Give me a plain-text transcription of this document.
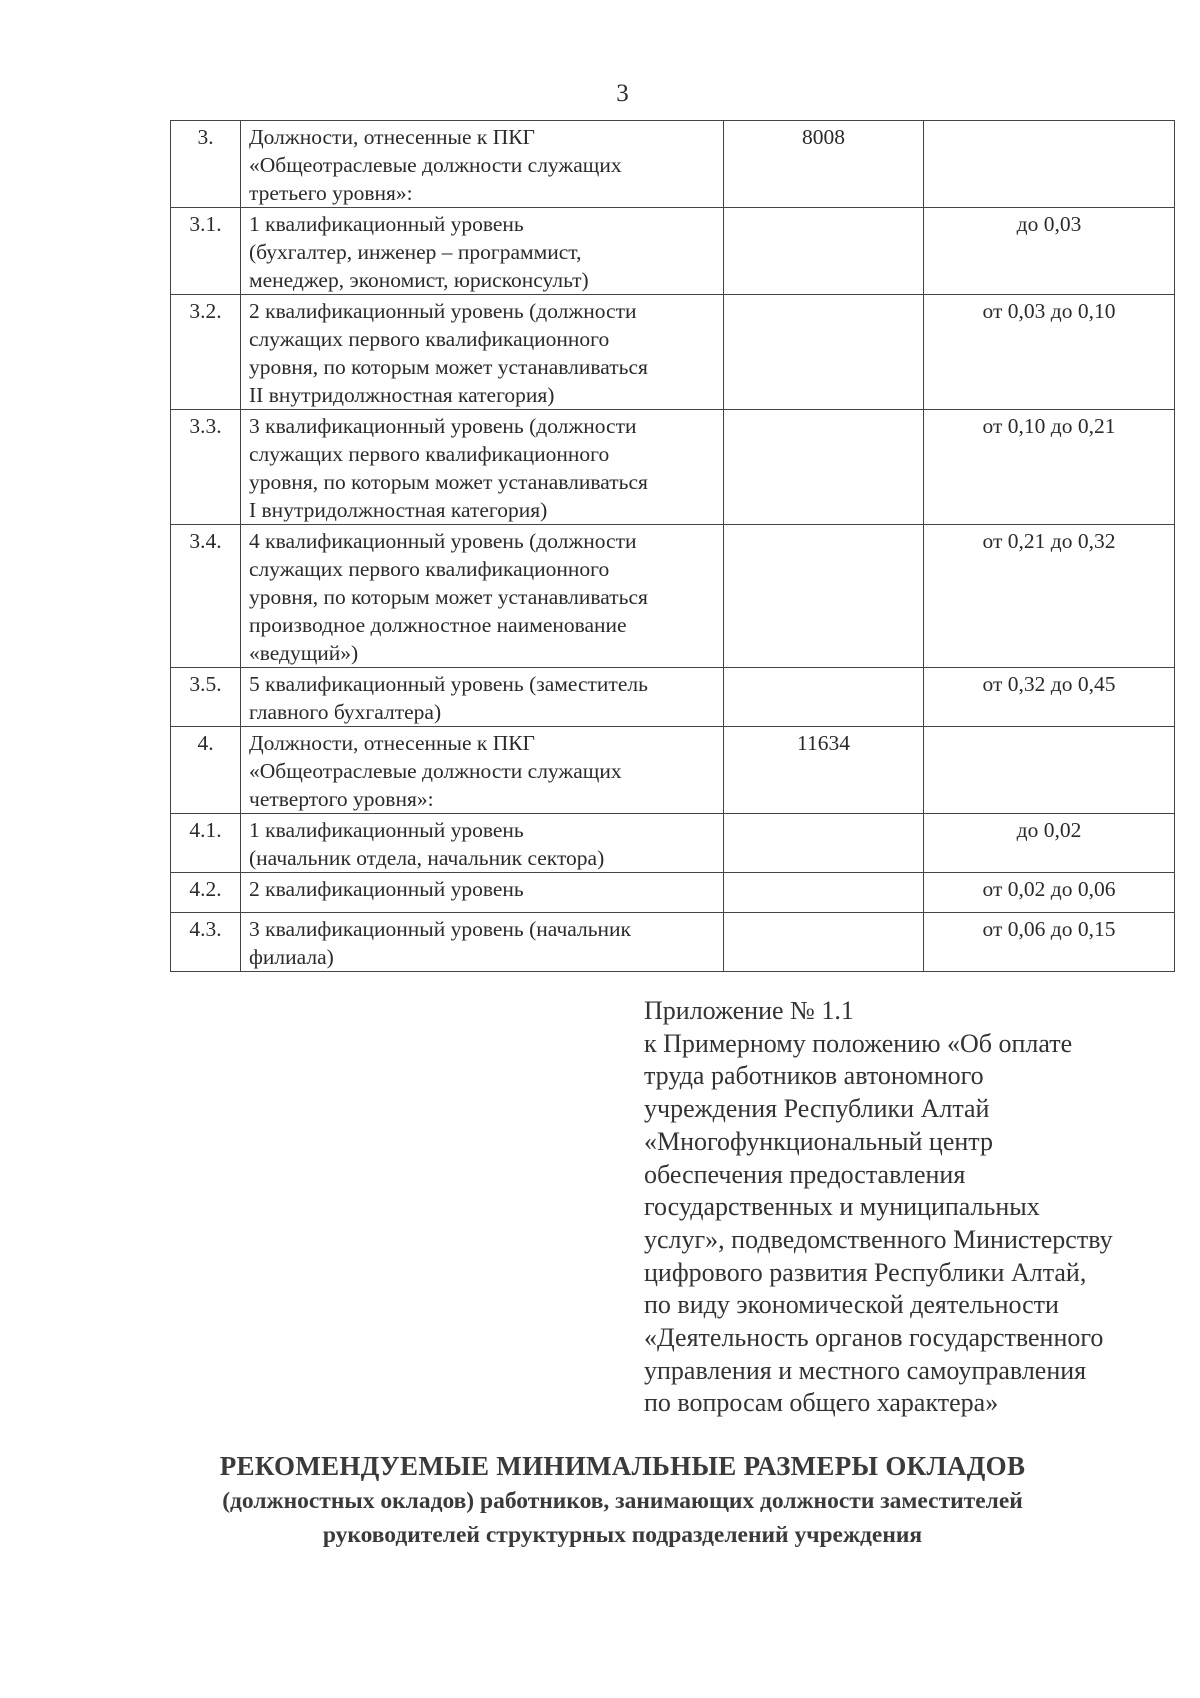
3
3.	Должности, отнесенные к ПКГ
«Общеотраслевые должности служащих
третьего уровня»:	8008	
3.1.	1 квалификационный уровень
(бухгалтер, инженер – программист,
менеджер, экономист, юрисконсульт)		до 0,03
3.2.	2 квалификационный уровень (должности
служащих первого квалификационного
уровня, по которым может устанавливаться
II внутридолжностная категория)		от 0,03 до 0,10
3.3.	3 квалификационный уровень (должности
служащих первого квалификационного
уровня, по которым может устанавливаться
I внутридолжностная категория)		от 0,10 до 0,21
3.4.	4 квалификационный уровень (должности
служащих первого квалификационного
уровня, по которым может устанавливаться
производное должностное наименование
«ведущий»)		от 0,21 до 0,32
3.5.	5 квалификационный уровень (заместитель
главного бухгалтера)		от 0,32 до 0,45
4.	Должности, отнесенные к ПКГ
«Общеотраслевые должности служащих
четвертого уровня»:	11634	
4.1.	1 квалификационный уровень
(начальник отдела, начальник сектора)		до 0,02
4.2.	2 квалификационный уровень		от 0,02 до 0,06
4.3.	3 квалификационный уровень (начальник
филиала)		от 0,06 до 0,15
Приложение № 1.1
к Примерному положению «Об оплате
труда работников автономного
учреждения Республики Алтай
«Многофункциональный центр
обеспечения предоставления
государственных и муниципальных
услуг», подведомственного Министерству
цифрового развития Республики Алтай,
по виду экономической деятельности
«Деятельность органов государственного
управления и местного самоуправления
по вопросам общего характера»
РЕКОМЕНДУЕМЫЕ МИНИМАЛЬНЫЕ РАЗМЕРЫ ОКЛАДОВ
(должностных окладов) работников, занимающих должности заместителей
руководителей структурных подразделений учреждения
